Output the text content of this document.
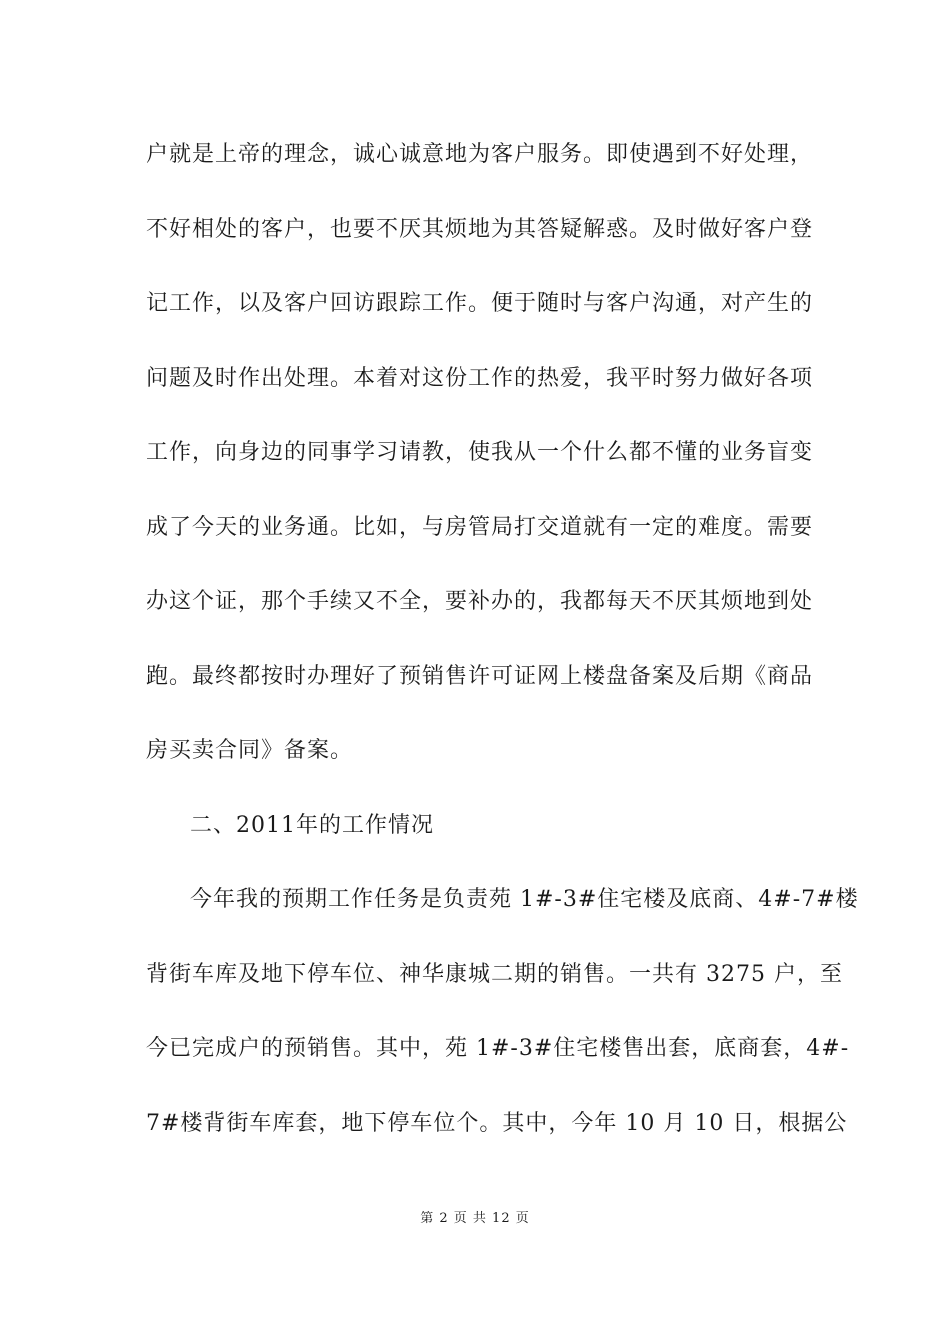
户就是上帝的理念，诚心诚意地为客户服务。即使遇到不好处理，
不好相处的客户，也要不厌其烦地为其答疑解惑。及时做好客户登
记工作，以及客户回访跟踪工作。便于随时与客户沟通，对产生的
问题及时作出处理。本着对这份工作的热爱，我平时努力做好各项
工作，向身边的同事学习请教，使我从一个什么都不懂的业务盲变
成了今天的业务通。比如，与房管局打交道就有一定的难度。需要
办这个证，那个手续又不全，要补办的，我都每天不厌其烦地到处
跑。最终都按时办理好了预销售许可证网上楼盘备案及后期《商品
房买卖合同》备案。
二、2011年的工作情况
今年我的预期工作任务是负责苑 1#-3#住宅楼及底商、4#-7#楼
背街车库及地下停车位、神华康城二期的销售。一共有 3275 户，至
今已完成户的预销售。其中，苑 1#-3#住宅楼售出套，底商套，4#-
7#楼背街车库套，地下停车位个。其中，今年 10 月 10 日，根据公
第 2 页 共 12 页
